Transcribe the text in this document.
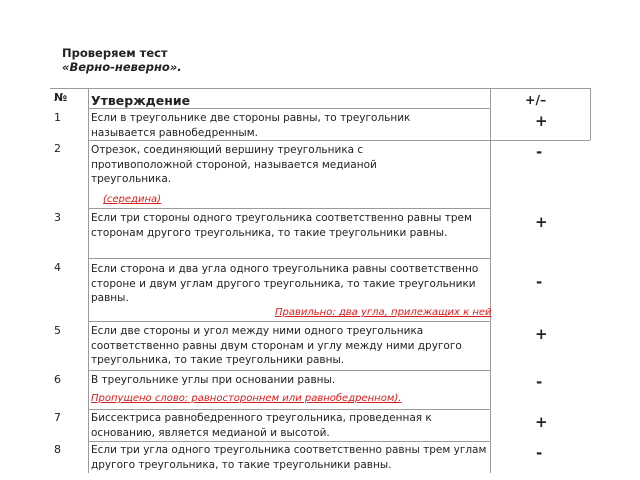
Проверяем тест
«Верно-неверно».
№ Утверждение	+/–
1
2
3
4
5
6
7
8
Если в треугольнике две стороны равны, то треугольник называется равнобедренным.
Отрезок, соединяющий вершину треугольника с противоположной стороной, называется медианой треугольника.
Если три стороны одного треугольника соответственно равны трем сторонам другого треугольника, то такие треугольники равны.
Если сторона и два угла одного треугольника равны соответственно стороне и двум углам другого треугольника, то такие треугольники равны.
Если две стороны и угол между ними одного треугольника соответственно равны двум сторонам и углу между ними другого треугольника, то такие треугольники равны.
В треугольнике углы при основании равны.
Биссектриса равнобедренного треугольника, проведенная к основанию, является медианой и высотой.
Если три угла одного треугольника соответственно равны трем углам другого треугольника, то такие треугольники равны.
(середина)
Правильно: два угла, прилежащих к ней
Пропущено слово: равностороннем или равнобедренном).
+
-
+
-
+
-
+
-
